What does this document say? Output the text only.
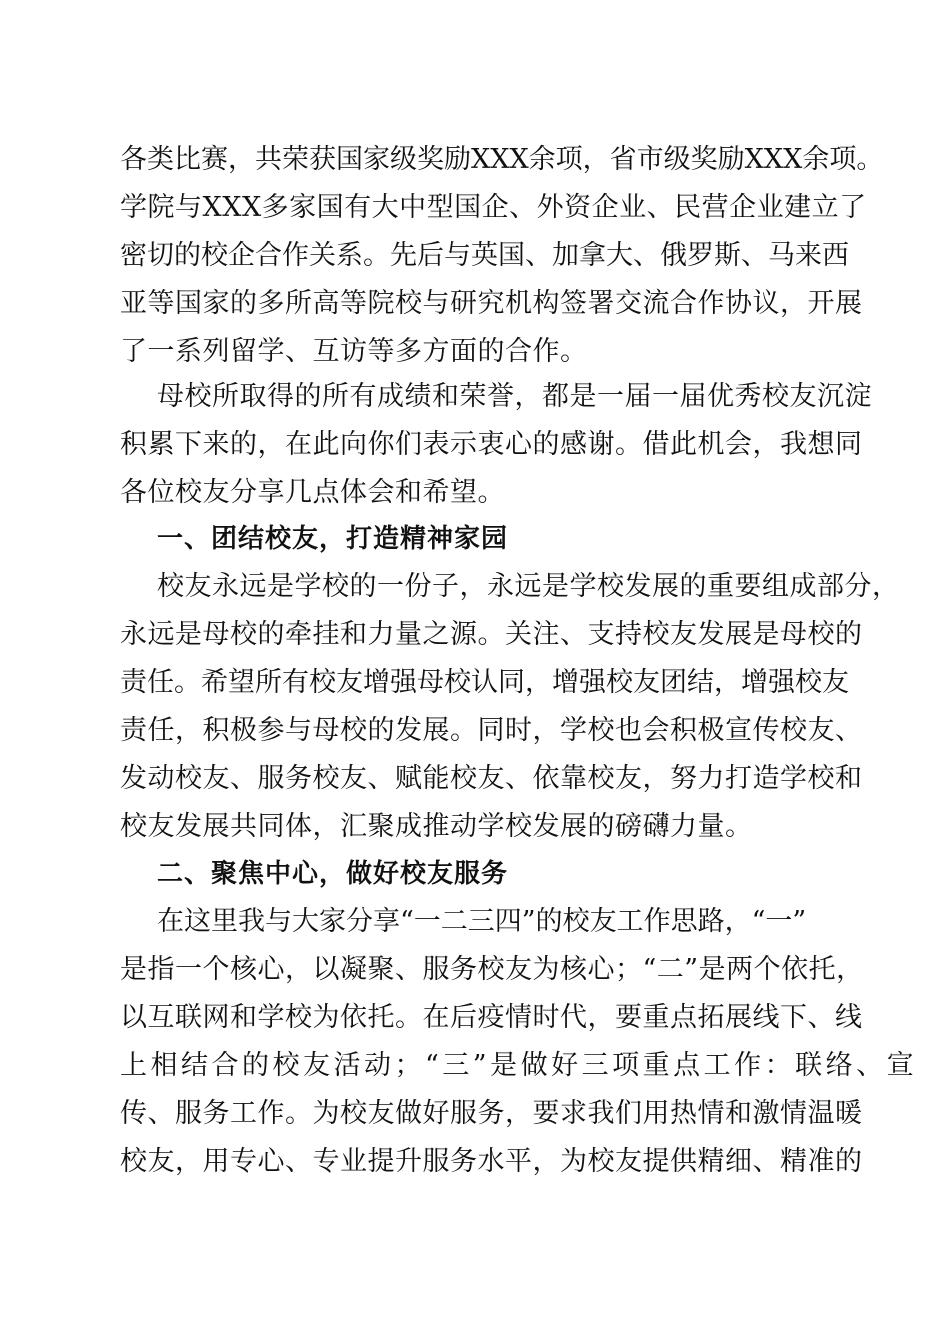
各类比赛，共荣获国家级奖励XXX余项，省市级奖励XXX余项。
学院与XXX多家国有大中型国企、外资企业、民营企业建立了
密切的校企合作关系。先后与英国、加拿大、俄罗斯、马来西
亚等国家的多所高等院校与研究机构签署交流合作协议，开展
了一系列留学、互访等多方面的合作。
母校所取得的所有成绩和荣誉，都是一届一届优秀校友沉淀
积累下来的，在此向你们表示衷心的感谢。借此机会，我想同
各位校友分享几点体会和希望。
一、团结校友，打造精神家园
校友永远是学校的一份子，永远是学校发展的重要组成部分，
永远是母校的牵挂和力量之源。关注、支持校友发展是母校的
责任。希望所有校友增强母校认同，增强校友团结，增强校友
责任，积极参与母校的发展。同时，学校也会积极宣传校友、
发动校友、服务校友、赋能校友、依靠校友，努力打造学校和
校友发展共同体，汇聚成推动学校发展的磅礴力量。
二、聚焦中心，做好校友服务
在这里我与大家分享“一二三四”的校友工作思路，“一”
是指一个核心，以凝聚、服务校友为核心；“二”是两个依托，
以互联网和学校为依托。在后疫情时代，要重点拓展线下、线
上相结合的校友活动；“三”是做好三项重点工作：联络、宣
传、服务工作。为校友做好服务，要求我们用热情和激情温暖
校友，用专心、专业提升服务水平，为校友提供精细、精准的
